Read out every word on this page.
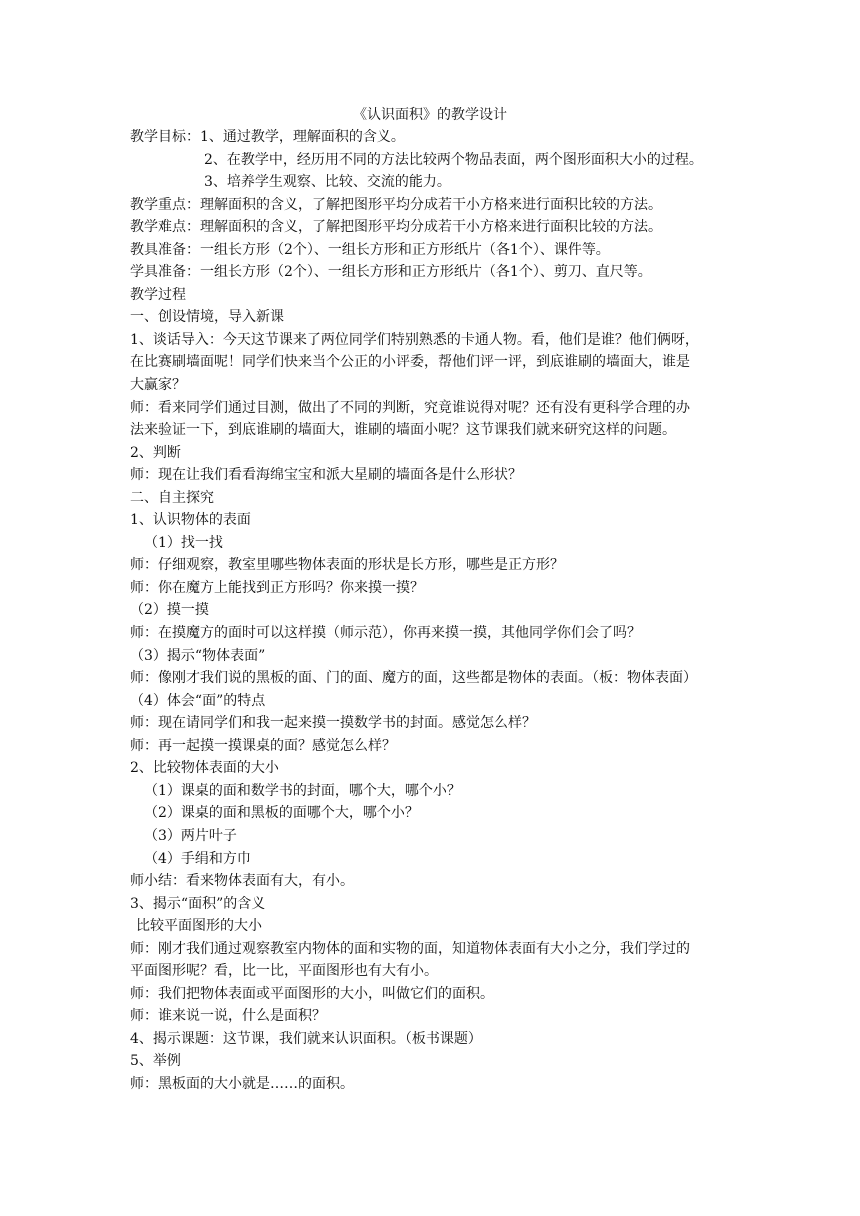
《认识面积》的教学设计
教学目标：1、通过教学，理解面积的含义。
2、在教学中，经历用不同的方法比较两个物品表面，两个图形面积大小的过程。
3、培养学生观察、比较、交流的能力。
教学重点：理解面积的含义，了解把图形平均分成若干小方格来进行面积比较的方法。
教学难点：理解面积的含义，了解把图形平均分成若干小方格来进行面积比较的方法。
教具准备：一组长方形（2个）、一组长方形和正方形纸片（各1个）、课件等。
学具准备：一组长方形（2个）、一组长方形和正方形纸片（各1个）、剪刀、直尺等。
教学过程
一、创设情境，导入新课
1、谈话导入：今天这节课来了两位同学们特别熟悉的卡通人物。看，他们是谁？他们俩呀，
在比赛刷墙面呢！同学们快来当个公正的小评委，帮他们评一评，到底谁刷的墙面大，谁是
大赢家？
师：看来同学们通过目测，做出了不同的判断，究竟谁说得对呢？还有没有更科学合理的办
法来验证一下，到底谁刷的墙面大，谁刷的墙面小呢？这节课我们就来研究这样的问题。
2、判断
师：现在让我们看看海绵宝宝和派大星刷的墙面各是什么形状？
二、自主探究
1、认识物体的表面
（1）找一找
师：仔细观察，教室里哪些物体表面的形状是长方形，哪些是正方形？
师：你在魔方上能找到正方形吗？你来摸一摸？
（2）摸一摸
师：在摸魔方的面时可以这样摸（师示范），你再来摸一摸，其他同学你们会了吗？
（3）揭示“物体表面”
师：像刚才我们说的黑板的面、门的面、魔方的面，这些都是物体的表面。（板：物体表面）
（4）体会“面”的特点
师：现在请同学们和我一起来摸一摸数学书的封面。感觉怎么样？
师：再一起摸一摸课桌的面？感觉怎么样？
2、比较物体表面的大小
（1）课桌的面和数学书的封面，哪个大，哪个小？
（2）课桌的面和黑板的面哪个大，哪个小？
（3）两片叶子
（4）手绢和方巾
师小结：看来物体表面有大，有小。
3、揭示“面积”的含义
比较平面图形的大小
师：刚才我们通过观察教室内物体的面和实物的面，知道物体表面有大小之分，我们学过的
平面图形呢？看，比一比，平面图形也有大有小。
师：我们把物体表面或平面图形的大小，叫做它们的面积。
师：谁来说一说，什么是面积？
4、揭示课题：这节课，我们就来认识面积。（板书课题）
5、举例
师：黑板面的大小就是……的面积。
